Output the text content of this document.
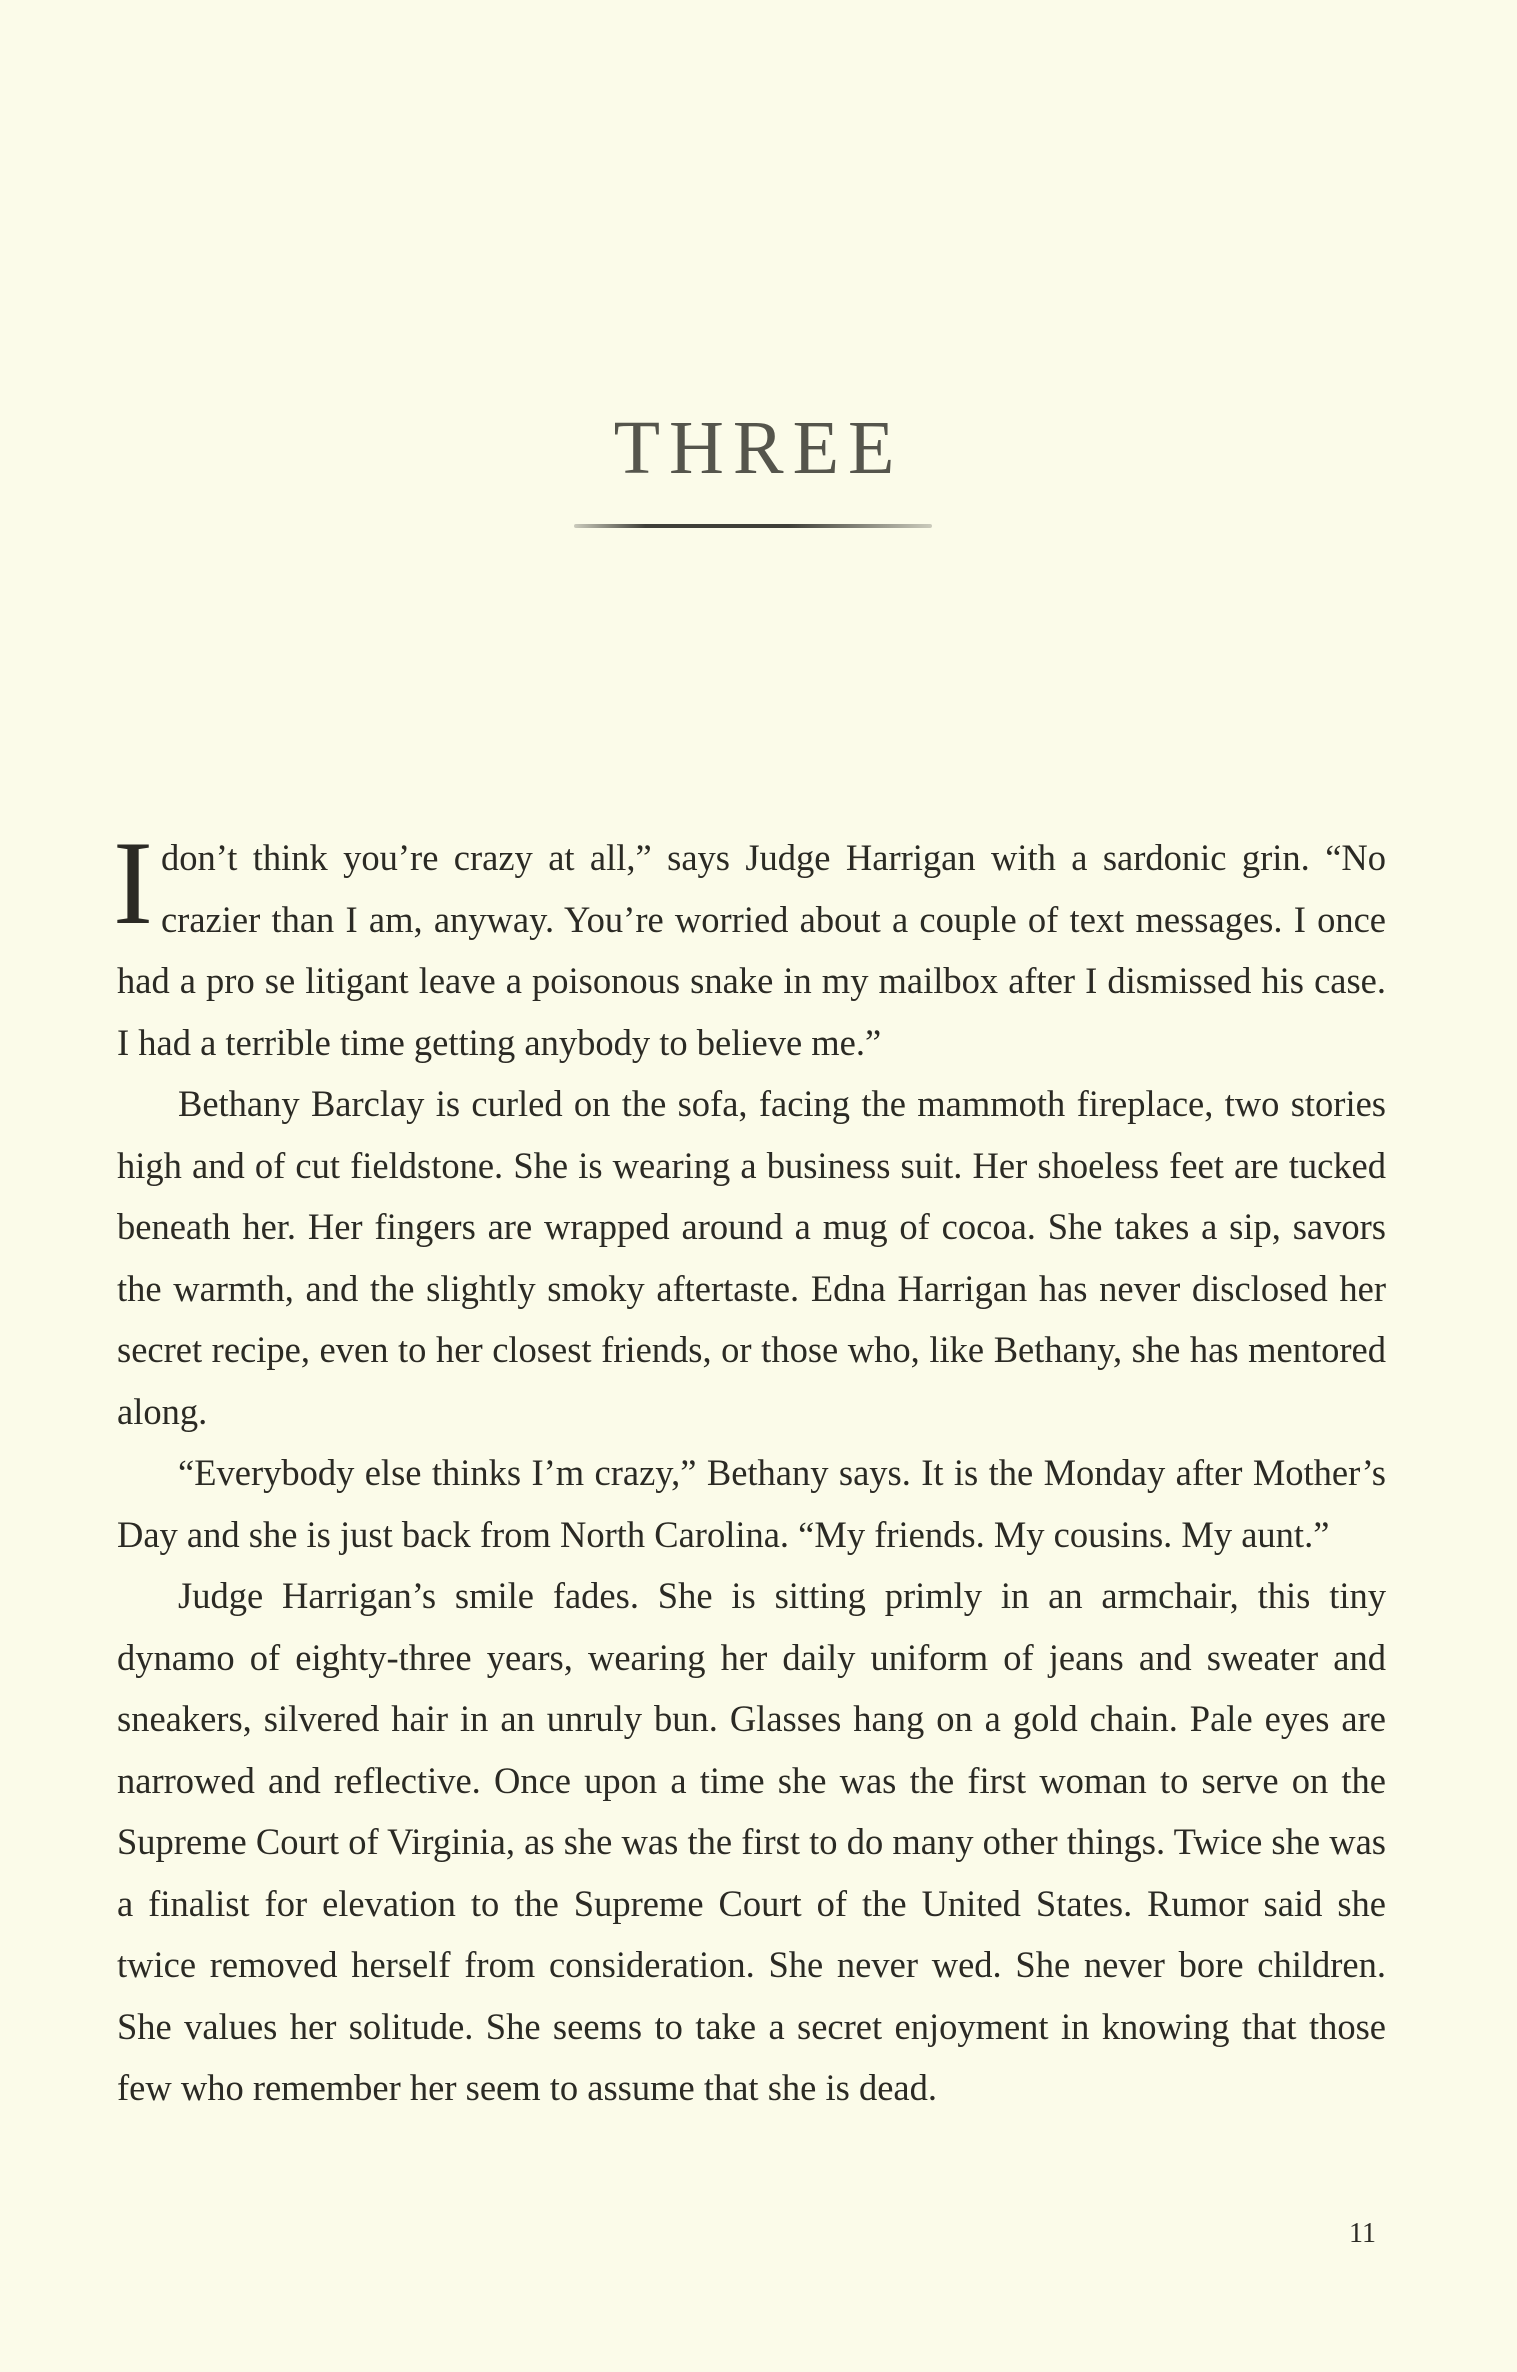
THREE

Idon’t think you’re crazy at all,” says Judge Harrigan with a sardonic grin. “No crazier than I am, anyway. You’re worried about a couple of text messages. I once had a pro se litigant leave a poisonous snake in my mailbox after I dismissed his case. I had a terrible time getting anybody to believe me.”

Bethany Barclay is curled on the sofa, facing the mammoth fireplace, two stories high and of cut fieldstone. She is wearing a business suit. Her shoeless feet are tucked beneath her. Her fingers are wrapped around a mug of cocoa. She takes a sip, savors the warmth, and the slightly smoky aftertaste. Edna Harrigan has never disclosed her secret recipe, even to her closest friends, or those who, like Bethany, she has mentored along.

“Everybody else thinks I’m crazy,” Bethany says. It is the Monday after Mother’s Day and she is just back from North Carolina. “My friends. My cousins. My aunt.”

Judge Harrigan’s smile fades. She is sitting primly in an armchair, this tiny dynamo of eighty-three years, wearing her daily uniform of jeans and sweater and sneakers, silvered hair in an unruly bun. Glasses hang on a gold chain. Pale eyes are narrowed and reflective. Once upon a time she was the first woman to serve on the Supreme Court of Virginia, as she was the first to do many other things. Twice she was a finalist for elevation to the Supreme Court of the United States. Rumor said she twice removed herself from consideration. She never wed. She never bore children. She values her solitude. She seems to take a secret enjoyment in knowing that those few who remember her seem to assume that she is dead.

11
